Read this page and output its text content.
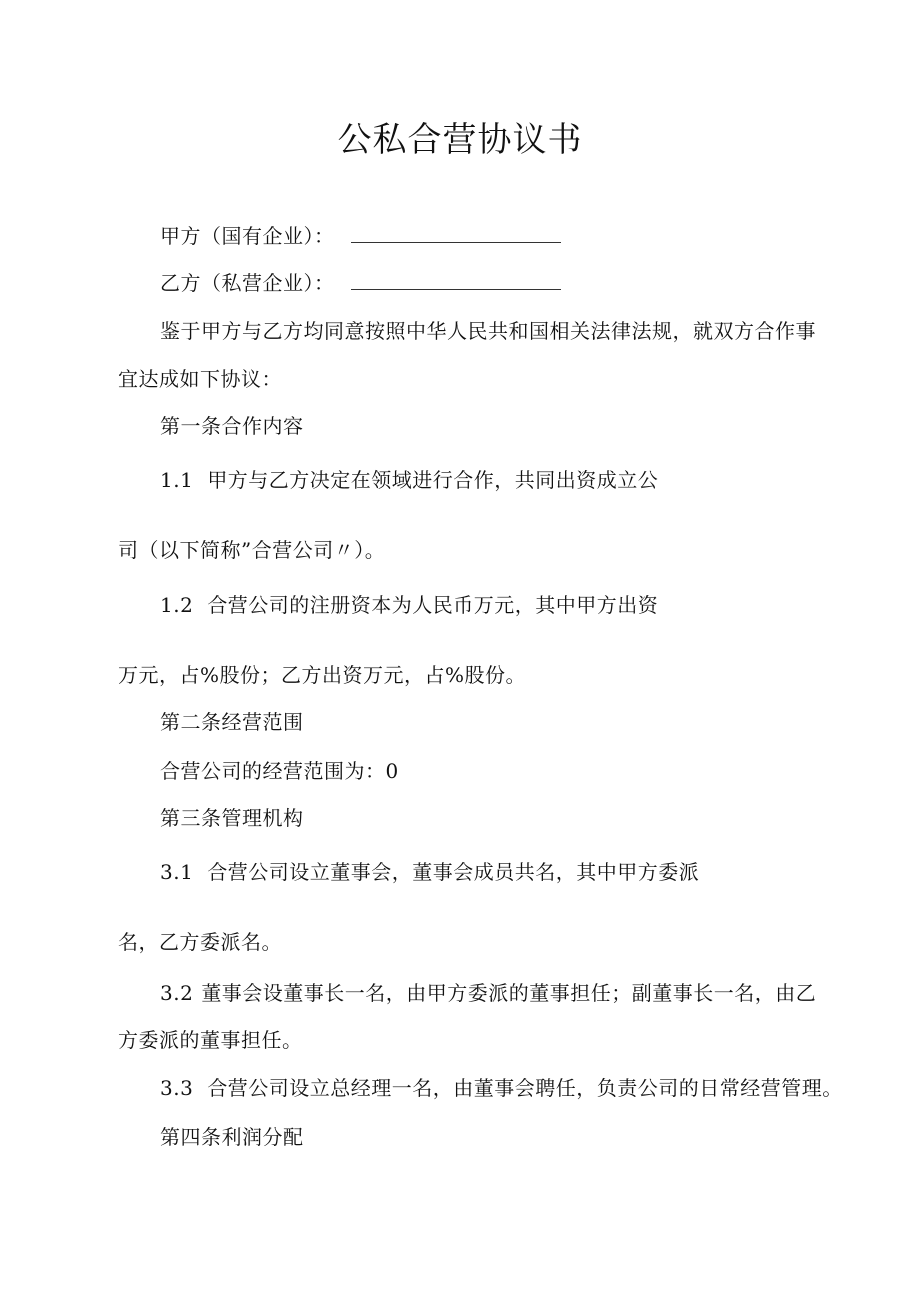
公私合营协议书
甲方（国有企业）：
乙方（私营企业）：
鉴于甲方与乙方均同意按照中华人民共和国相关法律法规，就双方合作事
宜达成如下协议：
第一条合作内容
1.1 甲方与乙方决定在领域进行合作，共同出资成立公
司（以下简称”合营公司〃）。
1.2 合营公司的注册资本为人民币万元，其中甲方出资
万元，占%股份；乙方出资万元，占%股份。
第二条经营范围
合营公司的经营范围为：0
第三条管理机构
3.1 合营公司设立董事会，董事会成员共名，其中甲方委派
名，乙方委派名。
3.2 董事会设董事长一名，由甲方委派的董事担任；副董事长一名，由乙
方委派的董事担任。
3.3 合营公司设立总经理一名，由董事会聘任，负责公司的日常经营管理。
第四条利润分配
